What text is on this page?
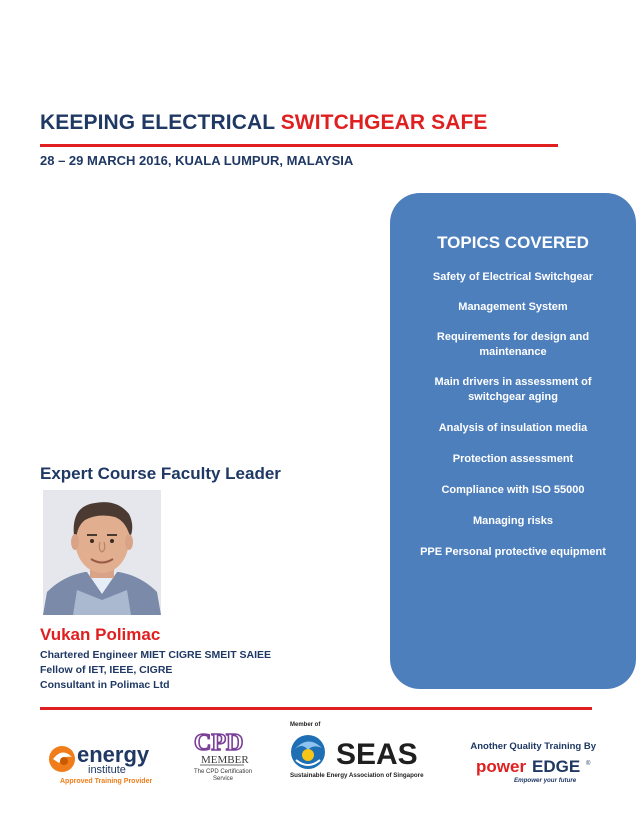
KEEPING ELECTRICAL SWITCHGEAR SAFE
28 – 29 MARCH 2016, KUALA LUMPUR, MALAYSIA
TOPICS COVERED
Safety of Electrical Switchgear
Management System
Requirements for design and maintenance
Main drivers in assessment of switchgear aging
Analysis of insulation media
Protection assessment
Compliance with ISO 55000
Managing risks
PPE Personal protective equipment
Expert Course Faculty Leader
Vukan Polimac
Chartered Engineer MIET CIGRE SMEIT SAIEE
Fellow of IET, IEEE, CIGRE
Consultant in Polimac Ltd
energy
institute
Approved Training Provider
CPD
MEMBER
The CPD Certification
Service
Member of
SEAS
Sustainable Energy Association of Singapore
Another Quality Training By
power EDGE ®
Empower your future
